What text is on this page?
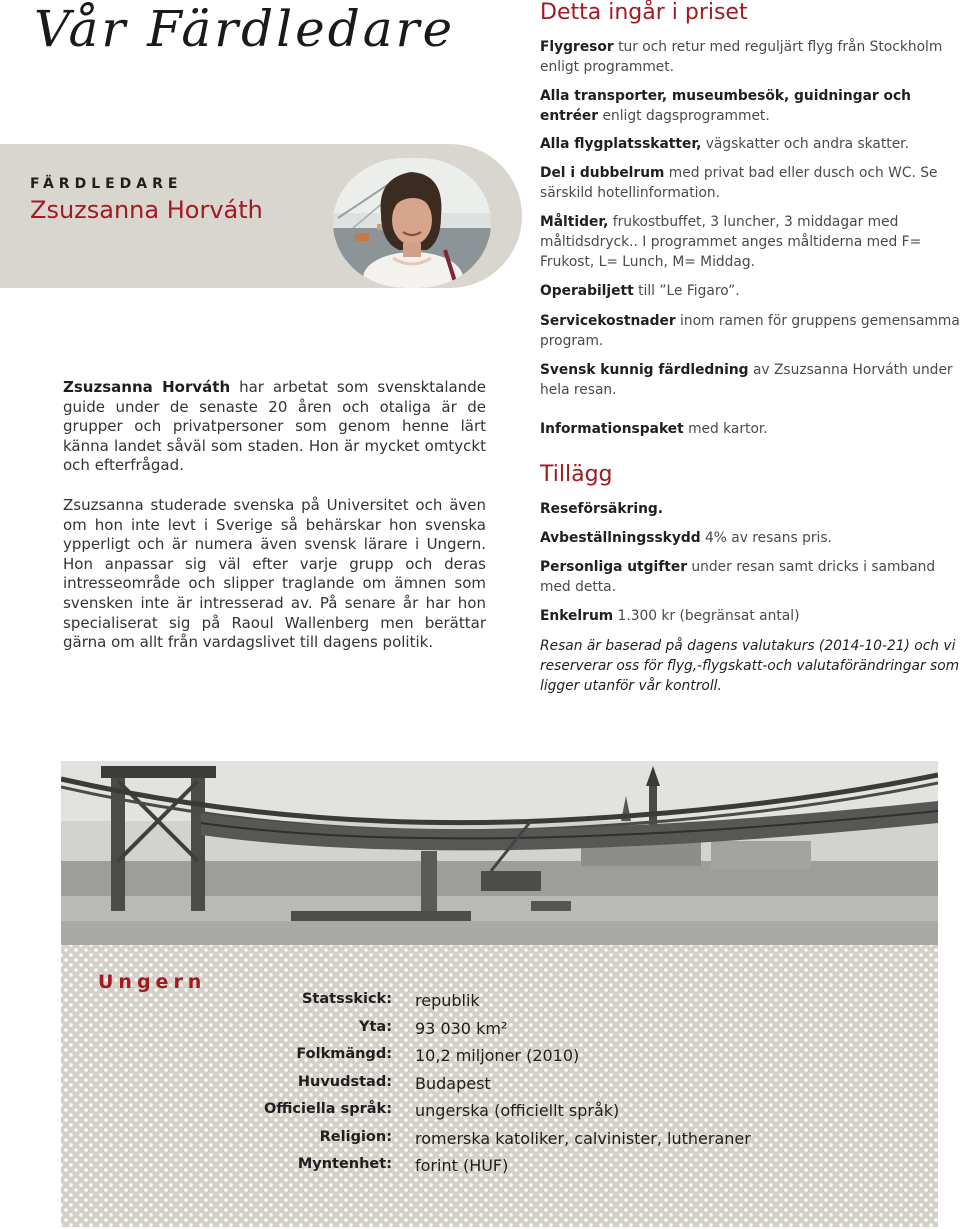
Vår Färdledare
FÄRDLEDARE
Zsuzsanna Horváth

Zsuzsanna Horváth har arbetat som svensktalande guide under de senaste 20 åren och otaliga är de grupper och privatpersoner som genom henne lärt känna landet såväl som staden. Hon är mycket omtyckt och efterfrågad.

Zsuzsanna studerade svenska på Universitet och även om hon inte levt i Sverige så behärskar hon svenska ypperligt och är numera även svensk lärare i Ungern. Hon anpassar sig väl efter varje grupp och deras intresseområde och slipper traglande om ämnen som svensken inte är intresserad av. På senare år har hon specialiserat sig på Raoul Wallenberg men berättar gärna om allt från vardagslivet till dagens politik.

Detta ingår i priset
Flygresor tur och retur med reguljärt flyg från Stockholm enligt programmet.
Alla transporter, museumbesök, guidningar och entréer enligt dagsprogrammet.
Alla flygplatsskatter, vägskatter och andra skatter.
Del i dubbelrum med privat bad eller dusch och WC. Se särskild hotellinformation.
Måltider, frukostbuffet, 3 luncher, 3 middagar med måltidsdryck.. I programmet anges måltiderna med F= Frukost, L= Lunch, M= Middag.
Operabiljett till ”Le Figaro”.
Servicekostnader inom ramen för gruppens gemensamma program.
Svensk kunnig färdledning av Zsuzsanna Horváth under hela resan.
Informationspaket med kartor.
Tillägg
Reseförsäkring.
Avbeställningsskydd 4% av resans pris.
Personliga utgifter under resan samt dricks i samband med detta.
Enkelrum 1.300 kr (begränsat antal)
Resan är baserad på dagens valutakurs (2014-10-21) och vi reserverar oss för flyg,-flygskatt-och valutaförändringar som ligger utanför vår kontroll.
Ungern
Statsskick: republik
Yta: 93 030 km²
Folkmängd: 10,2 miljoner (2010)
Huvudstad: Budapest
Officiella språk: ungerska (officiellt språk)
Religion: romerska katoliker, calvinister, lutheraner
Myntenhet: forint (HUF)
